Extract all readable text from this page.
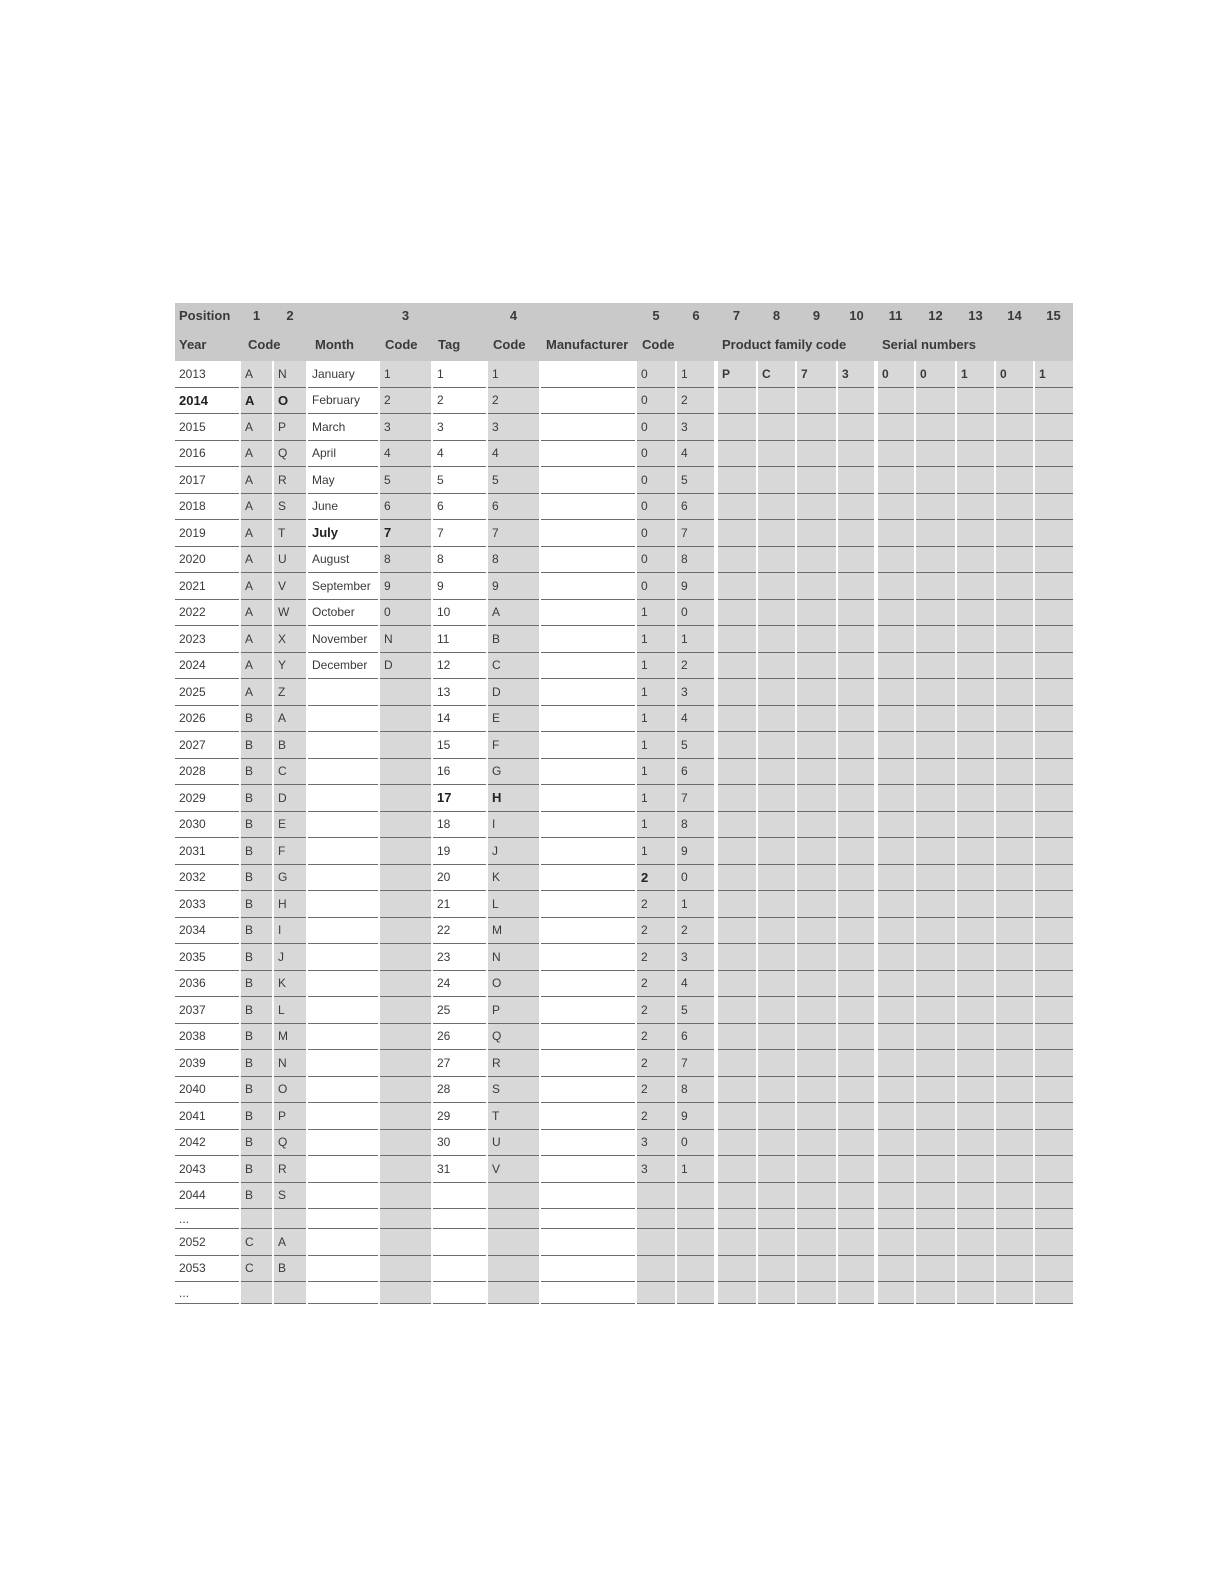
Position	1	2		3		4		5	6	7	8	9	10	11	12	13	14	15
Year	Code		Month	Code	Tag	Code	Manufacturer	Code		Product family code				Serial numbers				
2013	A	N	January	1	1	1		0	1	P	C	7	3	0	0	1	0	1
2014	A	O	February	2	2	2		0	2									
2015	A	P	March	3	3	3		0	3									
2016	A	Q	April	4	4	4		0	4									
2017	A	R	May	5	5	5		0	5									
2018	A	S	June	6	6	6		0	6									
2019	A	T	July	7	7	7		0	7									
2020	A	U	August	8	8	8		0	8									
2021	A	V	September	9	9	9		0	9									
2022	A	W	October	0	10	A		1	0									
2023	A	X	November	N	11	B		1	1									
2024	A	Y	December	D	12	C		1	2									
2025	A	Z			13	D		1	3									
2026	B	A			14	E		1	4									
2027	B	B			15	F		1	5									
2028	B	C			16	G		1	6									
2029	B	D			17	H		1	7									
2030	B	E			18	I		1	8									
2031	B	F			19	J		1	9									
2032	B	G			20	K		2	0									
2033	B	H			21	L		2	1									
2034	B	I			22	M		2	2									
2035	B	J			23	N		2	3									
2036	B	K			24	O		2	4									
2037	B	L			25	P		2	5									
2038	B	M			26	Q		2	6									
2039	B	N			27	R		2	7									
2040	B	O			28	S		2	8									
2041	B	P			29	T		2	9									
2042	B	Q			30	U		3	0									
2043	B	R			31	V		3	1									
2044	B	S																
...																		
2052	C	A																
2053	C	B																
...																		
